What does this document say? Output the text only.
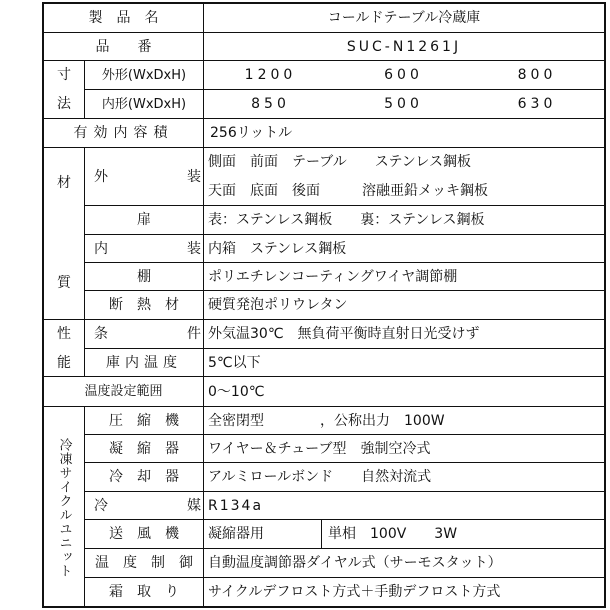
製　品　名	コールドテーブル冷蔵庫
品　　番	SUC-N1261J
寸
法
外形(WxDxH)	1200	600	800
内形(WxDxH)	850	500	630
有効内容積	256リットル
材
質
外	装
側面　前面　テーブル　　ステンレス鋼板
天面　底面　後面　　　溶融亜鉛メッキ鋼板
扉	表：ステンレス鋼板　　裏：ステンレス鋼板
内	装 内箱　ステンレス鋼板
棚	ポリエチレンコーティングワイヤ調節棚
断　熱　材	硬質発泡ポリウレタン
性
能
条	件 外気温30℃　無負荷平衡時直射日光受けず
庫内温度	5℃以下
温度設定範囲	0～10℃
冷凍サイクルユニット
圧　縮　機	全密閉型　　　　，公称出力　100W
凝　縮　器	ワイヤー＆チューブ型　強制空冷式
冷　却　器	アルミロールボンド　　自然対流式
冷	媒 R134a
送　風　機	凝縮器用	単相　100V　　3W
温　度　制　御	自動温度調節器ダイヤル式（サーモスタット）
霜　取　り	サイクルデフロスト方式＋手動デフロスト方式
